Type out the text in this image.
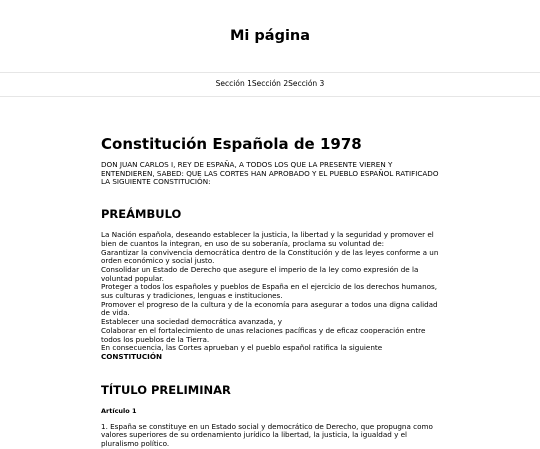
Mi página
Sección 1Sección 2Sección 3
Constitución Española de 1978

DON JUAN CARLOS I, REY DE ESPAÑA, A TODOS LOS QUE LA PRESENTE VIEREN Y ENTENDIEREN, SABED: QUE LAS CORTES HAN APROBADO Y EL PUEBLO ESPAÑOL RATIFICADO LA SIGUIENTE CONSTITUCIÓN:

PREÁMBULO
La Nación española, deseando establecer la justicia, la libertad y la seguridad y promover el bien de cuantos la integran, en uso de su soberanía, proclama su voluntad de:
Garantizar la convivencia democrática dentro de la Constitución y de las leyes conforme a un orden económico y social justo.
Consolidar un Estado de Derecho que asegure el imperio de la ley como expresión de la voluntad popular.
Proteger a todos los españoles y pueblos de España en el ejercicio de los derechos humanos, sus culturas y tradiciones, lenguas e instituciones.
Promover el progreso de la cultura y de la economía para asegurar a todos una digna calidad de vida.
Establecer una sociedad democrática avanzada, y
Colaborar en el fortalecimiento de unas relaciones pacíficas y de eficaz cooperación entre todos los pueblos de la Tierra.
En consecuencia, las Cortes aprueban y el pueblo español ratifica la siguiente
CONSTITUCIÓN
TÍTULO PRELIMINAR
Artículo 1

1. España se constituye en un Estado social y democrático de Derecho, que propugna como valores superiores de su ordenamiento jurídico la libertad, la justicia, la igualdad y el pluralismo político.
